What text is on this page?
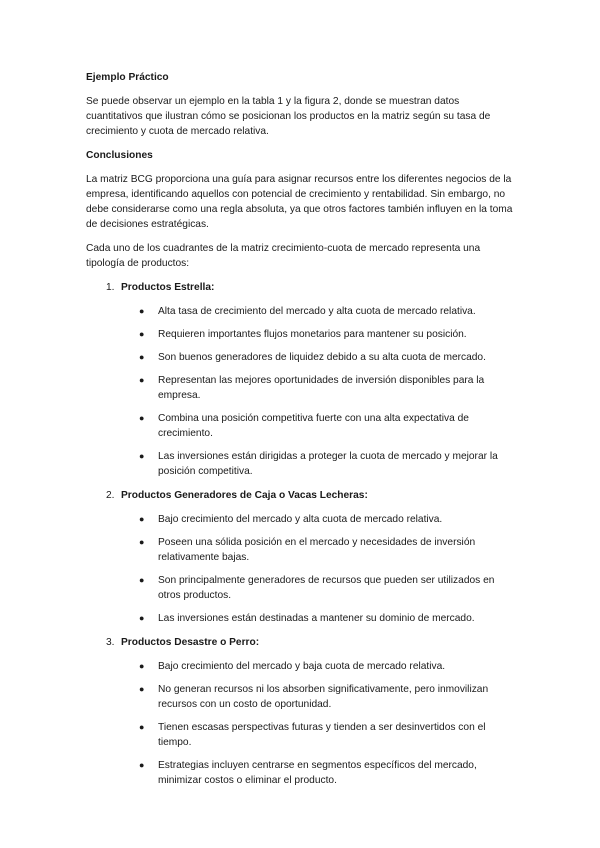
Ejemplo Práctico
Se puede observar un ejemplo en la tabla 1 y la figura 2, donde se muestran datos cuantitativos que ilustran cómo se posicionan los productos en la matriz según su tasa de crecimiento y cuota de mercado relativa.
Conclusiones
La matriz BCG proporciona una guía para asignar recursos entre los diferentes negocios de la empresa, identificando aquellos con potencial de crecimiento y rentabilidad. Sin embargo, no debe considerarse como una regla absoluta, ya que otros factores también influyen en la toma de decisiones estratégicas.
Cada uno de los cuadrantes de la matriz crecimiento-cuota de mercado representa una tipología de productos:
1. Productos Estrella:
● Alta tasa de crecimiento del mercado y alta cuota de mercado relativa.
● Requieren importantes flujos monetarios para mantener su posición.
● Son buenos generadores de liquidez debido a su alta cuota de mercado.
● Representan las mejores oportunidades de inversión disponibles para la empresa.
● Combina una posición competitiva fuerte con una alta expectativa de crecimiento.
● Las inversiones están dirigidas a proteger la cuota de mercado y mejorar la posición competitiva.
2. Productos Generadores de Caja o Vacas Lecheras:
● Bajo crecimiento del mercado y alta cuota de mercado relativa.
● Poseen una sólida posición en el mercado y necesidades de inversión relativamente bajas.
● Son principalmente generadores de recursos que pueden ser utilizados en otros productos.
● Las inversiones están destinadas a mantener su dominio de mercado.
3. Productos Desastre o Perro:
● Bajo crecimiento del mercado y baja cuota de mercado relativa.
● No generan recursos ni los absorben significativamente, pero inmovilizan recursos con un costo de oportunidad.
● Tienen escasas perspectivas futuras y tienden a ser desinvertidos con el tiempo.
● Estrategias incluyen centrarse en segmentos específicos del mercado, minimizar costos o eliminar el producto.
